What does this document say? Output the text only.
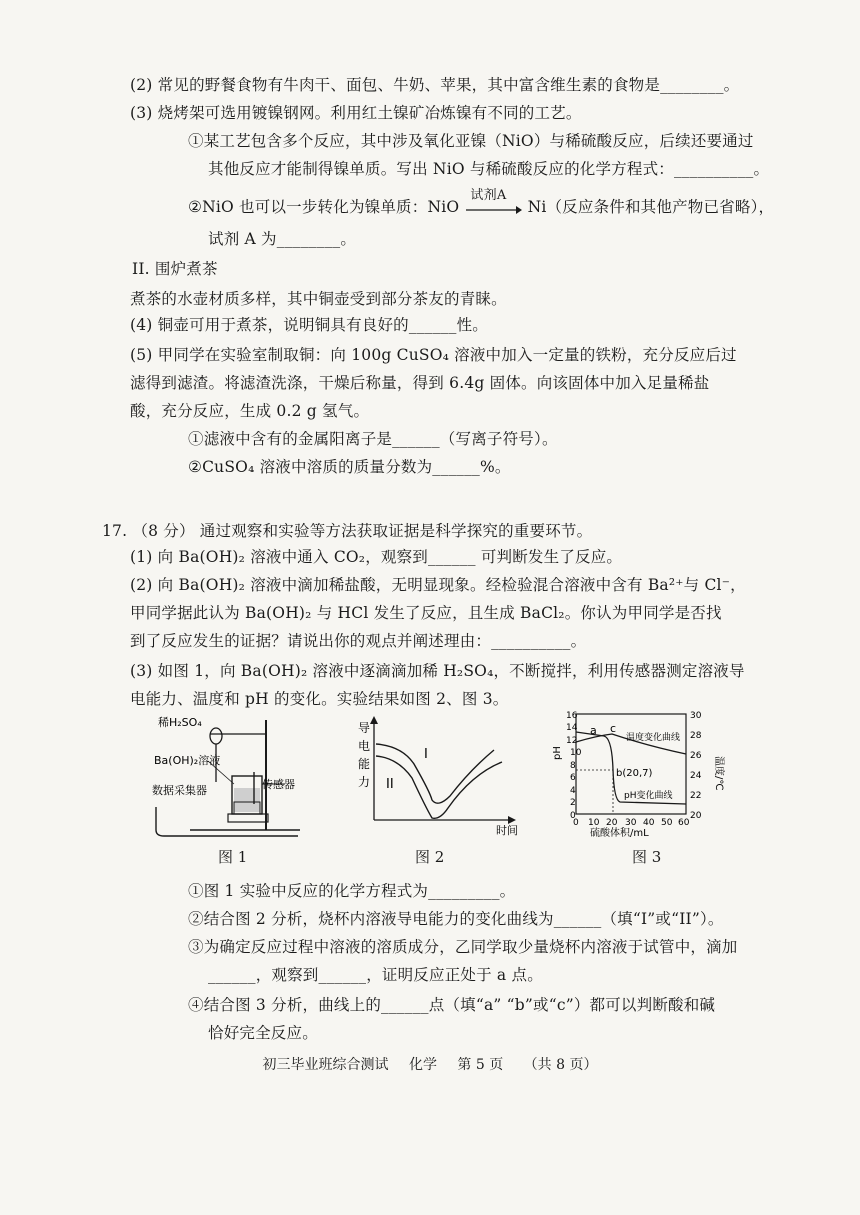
(2) 常见的野餐食物有牛肉干、面包、牛奶、苹果，其中富含维生素的食物是________。
(3) 烧烤架可选用镀镍钢网。利用红土镍矿冶炼镍有不同的工艺。
①某工艺包含多个反应，其中涉及氧化亚镍（NiO）与稀硫酸反应，后续还要通过
其他反应才能制得镍单质。写出 NiO 与稀硫酸反应的化学方程式：__________。
②NiO 也可以一步转化为镍单质：NiO
试剂A
Ni（反应条件和其他产物已省略），
试剂 A 为________。
II. 围炉煮茶
煮茶的水壶材质多样，其中铜壶受到部分茶友的青睐。
(4) 铜壶可用于煮茶，说明铜具有良好的______性。
(5) 甲同学在实验室制取铜：向 100g CuSO₄ 溶液中加入一定量的铁粉，充分反应后过
滤得到滤渣。将滤渣洗涤，干燥后称量，得到 6.4g 固体。向该固体中加入足量稀盐
酸，充分反应，生成 0.2 g 氢气。
①滤液中含有的金属阳离子是______（写离子符号）。
②CuSO₄ 溶液中溶质的质量分数为______%。
17. （8 分） 通过观察和实验等方法获取证据是科学探究的重要环节。
(1) 向 Ba(OH)₂ 溶液中通入 CO₂，观察到______ 可判断发生了反应。
(2) 向 Ba(OH)₂ 溶液中滴加稀盐酸，无明显现象。经检验混合溶液中含有 Ba²⁺与 Cl⁻，
甲同学据此认为 Ba(OH)₂ 与 HCl 发生了反应，且生成 BaCl₂。你认为甲同学是否找
到了反应发生的证据？请说出你的观点并阐述理由：__________。
(3) 如图 1，向 Ba(OH)₂ 溶液中逐滴滴加稀 H₂SO₄，不断搅拌，利用传感器测定溶液导
电能力、温度和 pH 的变化。实验结果如图 2、图 3。
稀H₂SO₄
Ba(OH)₂溶液
传感器
数据采集器
图 1
导
电
能
力
I
II
时间
图 2
16
14
12
10
8
6
4
2
0
30
28
26
24
22
20
0 10 20 30 40 50 60
硫酸体积/mL
pH
温度/℃
a c
b(20,7)
温度变化曲线
pH变化曲线
图 3
①图 1 实验中反应的化学方程式为_________。
②结合图 2 分析，烧杯内溶液导电能力的变化曲线为______（填“I”或“II”）。
③为确定反应过程中溶液的溶质成分，乙同学取少量烧杯内溶液于试管中，滴加
______，观察到______，证明反应正处于 a 点。
④结合图 3 分析，曲线上的______点（填“a” “b”或“c”）都可以判断酸和碱
恰好完全反应。
初三毕业班综合测试 化学 第 5 页 （共 8 页）
